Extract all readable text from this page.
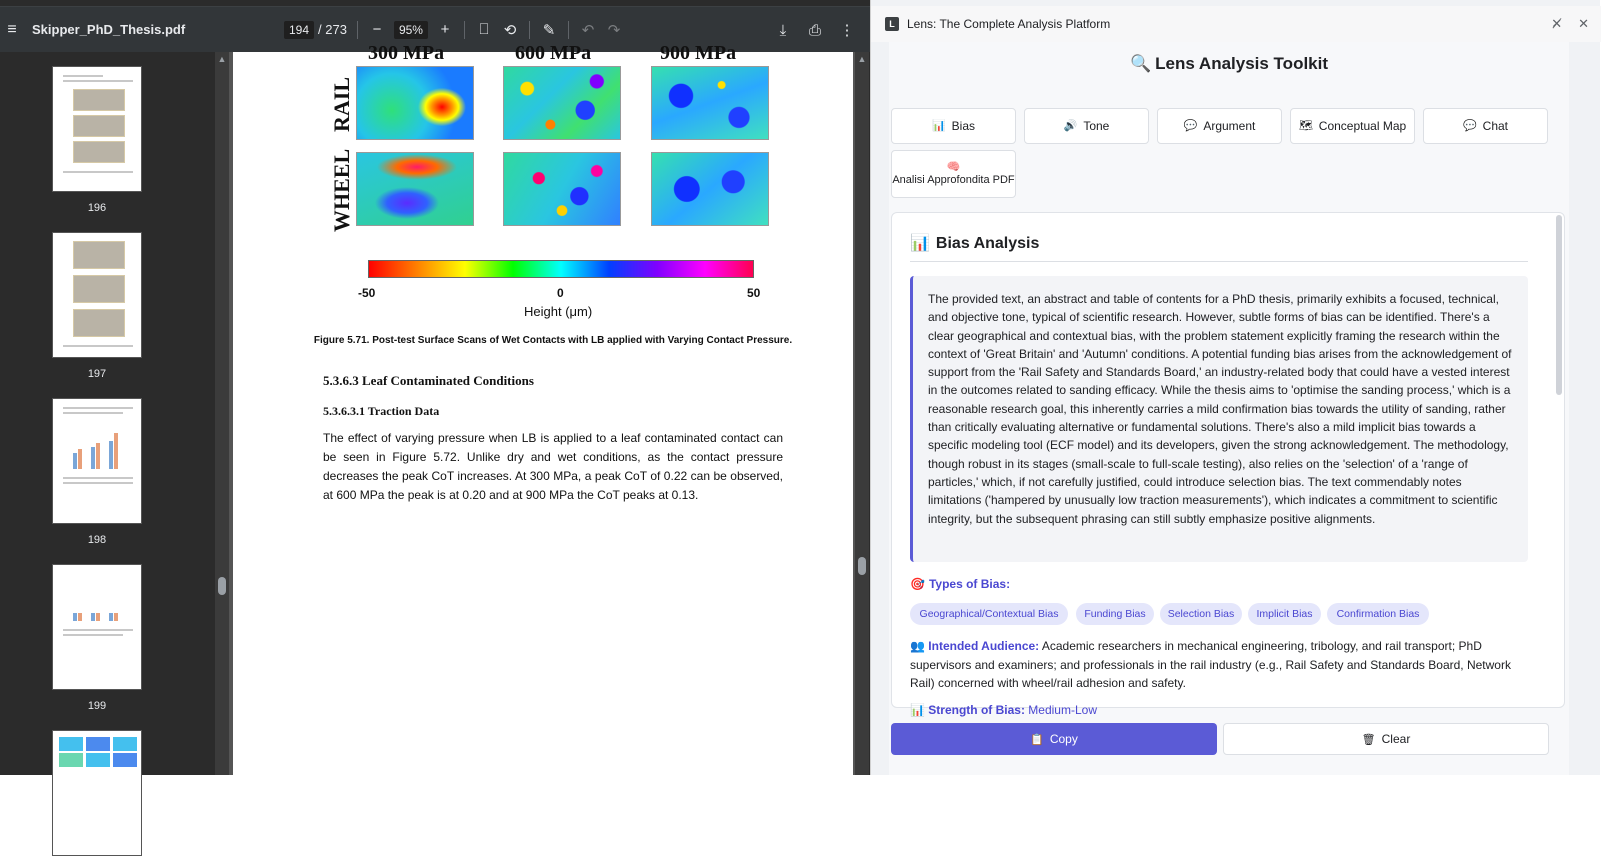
≡	Skipper_PhD_Thesis.pdf	194 / 273	−	95%	+	⎕	⟲ ✎ ↶ ↷	⤓	⎙ ⋮
196
197
198
199
▲	300 MPa	600 MPa	900 MPa
RAIL
WHEEL
-50	0	50
Height (μm)
Figure 5.71. Post-test Surface Scans of Wet Contacts with LB applied with Varying Contact Pressure.
5.3.6.3 Leaf Contaminated Conditions
5.3.6.3.1 Traction Data
The effect of varying pressure when LB is applied to a leaf contaminated contact can be seen in Figure 5.72. Unlike dry and wet conditions, as the contact pressure decreases the peak CoT increases. At 300 MPa, a peak CoT of 0.22 can be observed, at 600 MPa the peak is at 0.20 and at 900 MPa the CoT peaks at 0.13.
▲
L	Lens: The Complete Analysis Platform	✕̸ ✕
🔍 Lens Analysis Toolkit
📊 Bias	🔊 Tone	💬 Argument	🗺 Conceptual Map	💬 Chat
🧠
Analisi Approfondita PDF
📊 Bias Analysis
The provided text, an abstract and table of contents for a PhD thesis, primarily exhibits a focused, technical, and objective tone, typical of scientific research. However, subtle forms of bias can be identified. There's a clear geographical and contextual bias, with the problem statement explicitly framing the research within the context of 'Great Britain' and 'Autumn' conditions. A potential funding bias arises from the acknowledgement of support from the 'Rail Safety and Standards Board,' an industry-related body that could have a vested interest in the outcomes related to sanding efficacy. While the thesis aims to 'optimise the sanding process,' which is a reasonable research goal, this inherently carries a mild confirmation bias towards the utility of sanding, rather than critically evaluating alternative or fundamental solutions. There's also a mild implicit bias towards a specific modeling tool (ECF model) and its developers, given the strong acknowledgement. The methodology, though robust in its stages (small-scale to full-scale testing), also relies on the 'selection' of a 'range of particles,' which, if not carefully justified, could introduce selection bias. The text commendably notes limitations ('hampered by unusually low traction measurements'), which indicates a commitment to scientific integrity, but the subsequent phrasing can still subtly emphasize positive alignments.
🎯 Types of Bias:
Geographical/Contextual Bias	Funding Bias	Selection Bias	Implicit Bias	Confirmation Bias
👥 Intended Audience: Academic researchers in mechanical engineering, tribology, and rail transport; PhD supervisors and examiners; and professionals in the rail industry (e.g., Rail Safety and Standards Board, Network Rail) concerned with wheel/rail adhesion and safety.
📊 Strength of Bias: Medium-Low
📋 Copy	🗑 Clear
